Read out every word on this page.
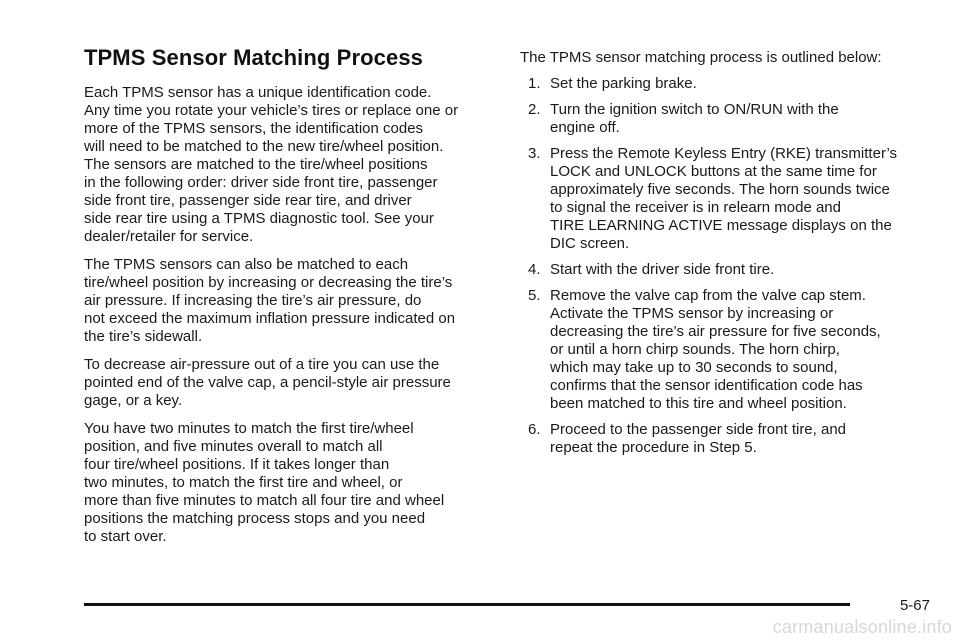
TPMS Sensor Matching Process

Each TPMS sensor has a unique identification code.
Any time you rotate your vehicle’s tires or replace one or
more of the TPMS sensors, the identification codes
will need to be matched to the new tire/wheel position.
The sensors are matched to the tire/wheel positions
in the following order: driver side front tire, passenger
side front tire, passenger side rear tire, and driver
side rear tire using a TPMS diagnostic tool. See your
dealer/retailer for service.

The TPMS sensors can also be matched to each
tire/wheel position by increasing or decreasing the tire’s
air pressure. If increasing the tire’s air pressure, do
not exceed the maximum inflation pressure indicated on
the tire’s sidewall.

To decrease air-pressure out of a tire you can use the
pointed end of the valve cap, a pencil-style air pressure
gage, or a key.

You have two minutes to match the first tire/wheel
position, and five minutes overall to match all
four tire/wheel positions. If it takes longer than
two minutes, to match the first tire and wheel, or
more than five minutes to match all four tire and wheel
positions the matching process stops and you need
to start over.

The TPMS sensor matching process is outlined below:

1. Set the parking brake.
2. Turn the ignition switch to ON/RUN with the
engine off.
3. Press the Remote Keyless Entry (RKE) transmitter’s
LOCK and UNLOCK buttons at the same time for
approximately five seconds. The horn sounds twice
to signal the receiver is in relearn mode and
TIRE LEARNING ACTIVE message displays on the
DIC screen.
4. Start with the driver side front tire.
5. Remove the valve cap from the valve cap stem.
Activate the TPMS sensor by increasing or
decreasing the tire’s air pressure for five seconds,
or until a horn chirp sounds. The horn chirp,
which may take up to 30 seconds to sound,
confirms that the sensor identification code has
been matched to this tire and wheel position.
6. Proceed to the passenger side front tire, and
repeat the procedure in Step 5.
5-67
carmanualsonline.info
